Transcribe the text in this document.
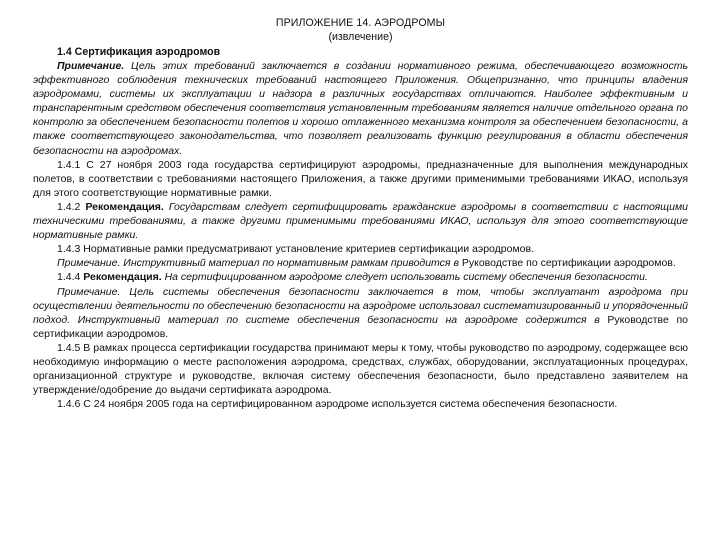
ПРИЛОЖЕНИЕ 14. АЭРОДРОМЫ

(извлечение)

1.4 Сертификация аэродромов

Примечание. Цель этих требований заключается в создании нормативного режима, обеспечивающего возможность эффективного соблюдения технических требований настоящего Приложения. Общепризнанно, что принципы владения аэродромами, системы их эксплуатации и надзора в различных государствах отличаются. Наиболее эффективным и транспарентным средством обеспечения соответствия установленным требованиям является наличие отдельного органа по контролю за обеспечением безопасности полетов и хорошо отлаженного механизма контроля за обеспечением безопасности, а также соответствующего законодательства, что позволяет реализовать функцию регулирования в области обеспечения безопасности на аэродромах.

1.4.1 С 27 ноября 2003 года государства сертифицируют аэродромы, предназначенные для выполнения международных полетов, в соответствии с требованиями настоящего Приложения, а также другими применимыми требованиями ИКАО, используя для этого соответствующие нормативные рамки.

1.4.2 Рекомендация. Государствам следует сертифицировать гражданские аэродромы в соответствии с настоящими техническими требованиями, а также другими применимыми требованиями ИКАО, используя для этого соответствующие нормативные рамки.

1.4.3 Нормативные рамки предусматривают установление критериев сертификации аэродромов.

Примечание. Инструктивный материал по нормативным рамкам приводится в Руководстве по сертификации аэродромов.

1.4.4 Рекомендация. На сертифицированном аэродроме следует использовать систему обеспечения безопасности.

Примечание. Цель системы обеспечения безопасности заключается в том, чтобы эксплуатант аэродрома при осуществлении деятельности по обеспечению безопасности на аэродроме использовал систематизированный и упорядоченный подход. Инструктивный материал по системе обеспечения безопасности на аэродроме содержится в Руководстве по сертификации аэродромов.

1.4.5 В рамках процесса сертификации государства принимают меры к тому, чтобы руководство по аэродрому, содержащее всю необходимую информацию о месте расположения аэродрома, средствах, службах, оборудовании, эксплуатационных процедурах, организационной структуре и руководстве, включая систему обеспечения безопасности, было представлено заявителем на утверждение/одобрение до выдачи сертификата аэродрома.

1.4.6 С 24 ноября 2005 года на сертифицированном аэродроме используется система обеспечения безопасности.
